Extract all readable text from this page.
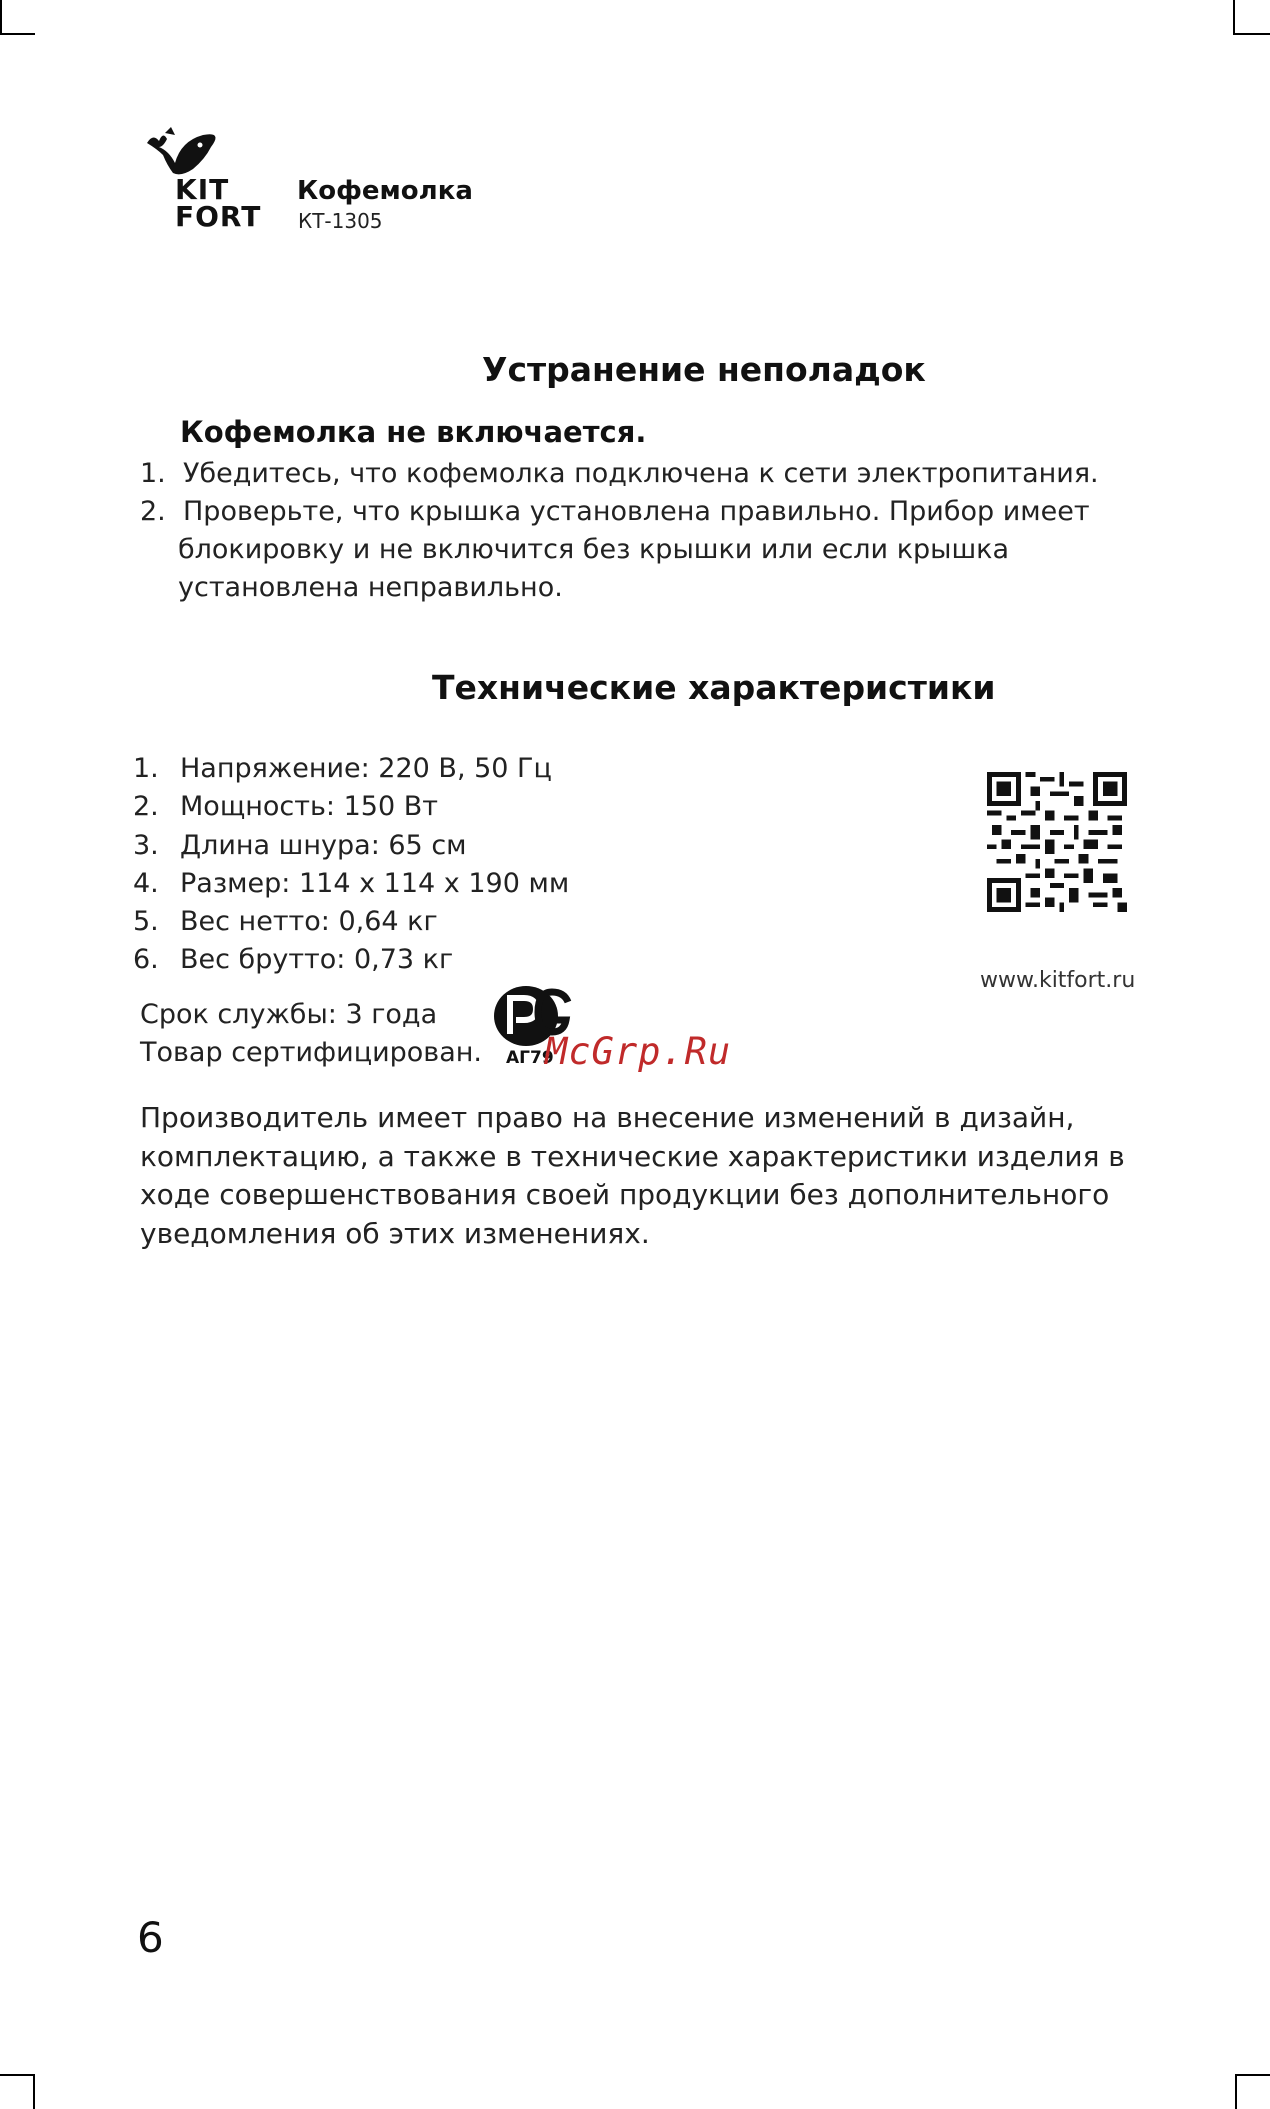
KIT
FORT
Кофемолка
КТ-1305
Устранение неполадок
Кофемолка не включается.
1. Убедитесь, что кофемолка подключена к сети электропитания.
2. Проверьте, что крышка установлена правильно. Прибор имеет
блокировку и не включится без крышки или если крышка
установлена неправильно.
Технические характеристики
1. Напряжение: 220 В, 50 Гц
2. Мощность: 150 Вт
3. Длина шнура: 65 см
4. Размер: 114 х 114 х 190 мм
5. Вес нетто: 0,64 кг
6. Вес брутто: 0,73 кг
Срок службы: 3 года
Товар сертифицирован. АГ79
McGrp.Ru
www.kitfort.ru
Производитель имеет право на внесение изменений в дизайн, комплектацию, а также в технические характеристики изделия в ходе совершенствования своей продукции без дополнительного уведомления об этих изменениях.
6
